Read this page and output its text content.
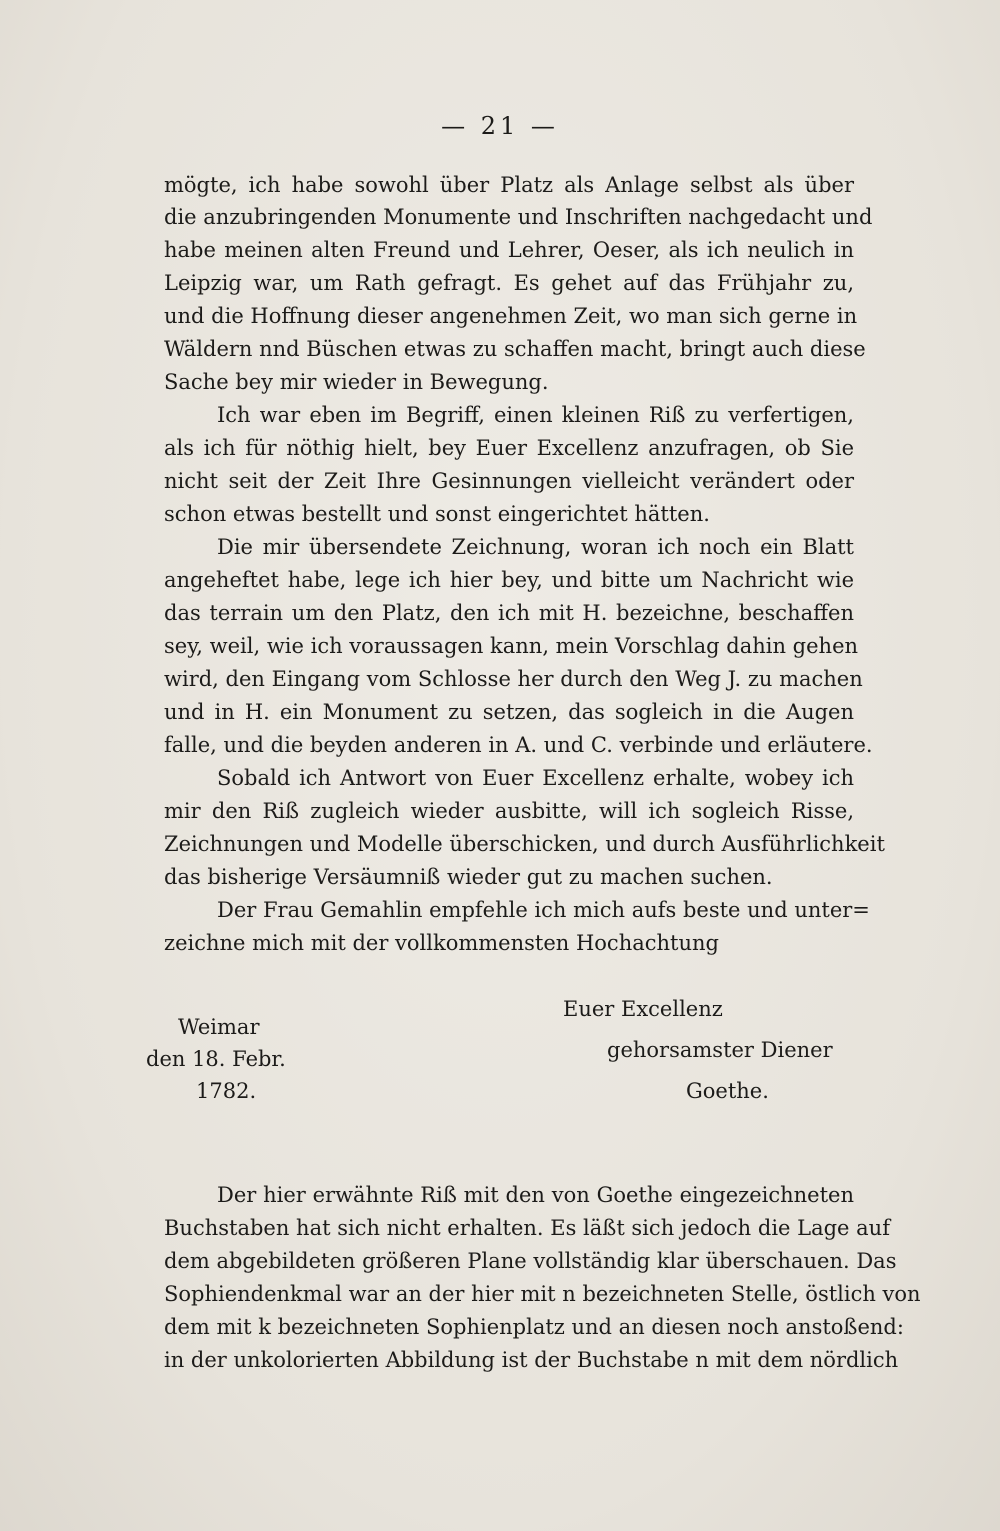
— 21 —
mögte, ich habe sowohl über Platz als Anlage selbst als über
die anzubringenden Monumente und Inschriften nachgedacht und
habe meinen alten Freund und Lehrer, Oeser, als ich neulich in
Leipzig war, um Rath gefragt. Es gehet auf das Frühjahr zu,
und die Hoffnung dieser angenehmen Zeit, wo man sich gerne in
Wäldern nnd Büschen etwas zu schaffen macht, bringt auch diese
Sache bey mir wieder in Bewegung.
Ich war eben im Begriff, einen kleinen Riß zu verfertigen,
als ich für nöthig hielt, bey Euer Excellenz anzufragen, ob Sie
nicht seit der Zeit Ihre Gesinnungen vielleicht verändert oder
schon etwas bestellt und sonst eingerichtet hätten.
Die mir übersendete Zeichnung, woran ich noch ein Blatt
angeheftet habe, lege ich hier bey, und bitte um Nachricht wie
das terrain um den Platz, den ich mit H. bezeichne, beschaffen
sey, weil, wie ich voraussagen kann, mein Vorschlag dahin gehen
wird, den Eingang vom Schlosse her durch den Weg J. zu machen
und in H. ein Monument zu setzen, das sogleich in die Augen
falle, und die beyden anderen in A. und C. verbinde und erläutere.
Sobald ich Antwort von Euer Excellenz erhalte, wobey ich
mir den Riß zugleich wieder ausbitte, will ich sogleich Risse,
Zeichnungen und Modelle überschicken, und durch Ausführlichkeit
das bisherige Versäumniß wieder gut zu machen suchen.
Der Frau Gemahlin empfehle ich mich aufs beste und unter=
zeichne mich mit der vollkommensten Hochachtung
Weimar
den 18. Febr.
1782.
Euer Excellenz
gehorsamster Diener
Goethe.
Der hier erwähnte Riß mit den von Goethe eingezeichneten
Buchstaben hat sich nicht erhalten. Es läßt sich jedoch die Lage auf
dem abgebildeten größeren Plane vollständig klar überschauen. Das
Sophiendenkmal war an der hier mit n bezeichneten Stelle, östlich von
dem mit k bezeichneten Sophienplatz und an diesen noch anstoßend:
in der unkolorierten Abbildung ist der Buchstabe n mit dem nördlich
